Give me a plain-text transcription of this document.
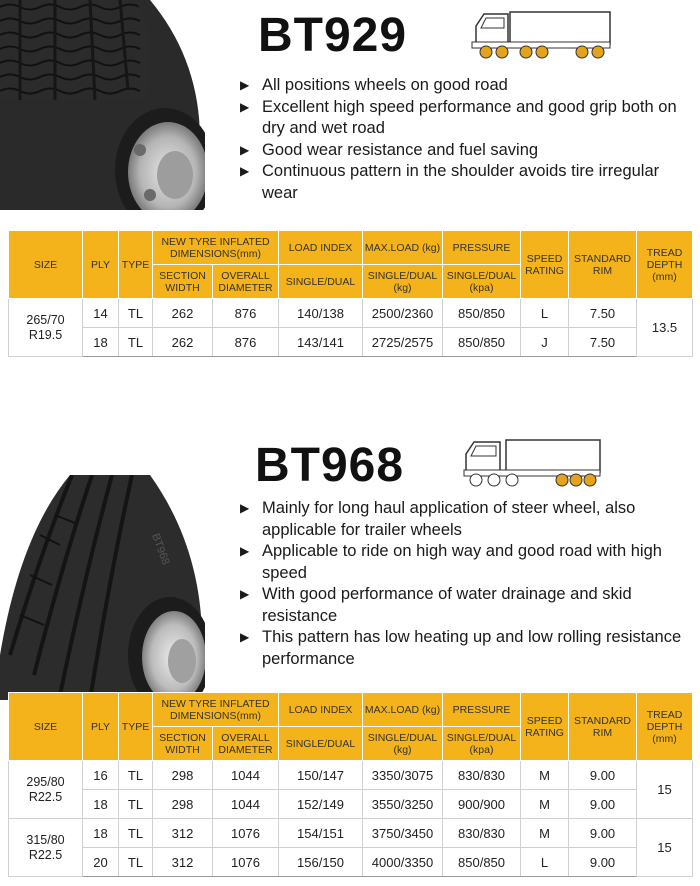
BT929
▶ All positions wheels on good road
▶ Excellent high speed performance and good grip both on dry and wet road
▶ Good wear resistance and fuel saving
▶ Continuous pattern in the shoulder avoids tire irregular wear
SIZE	PLY	TYPE	NEW TYRE INFLATED DIMENSIONS(mm)		LOAD INDEX	MAX.LOAD (kg)	PRESSURE	SPEED RATING	STANDARD RIM	TREAD DEPTH (mm)
			SECTION WIDTH	OVERALL DIAMETER	SINGLE/DUAL	SINGLE/DUAL (kg)	SINGLE/DUAL (kpa)			
265/70 R19.5	14	TL	262	876	140/138	2500/2360	850/850	L	7.50	13.5
	18	TL	262	876	143/141	2725/2575	850/850	J	7.50	
BT968
BT968
▶ Mainly for long haul application of steer wheel, also applicable for trailer wheels
▶ Applicable to ride on high way and good road with high speed
▶ With good performance of water drainage and skid resistance
▶ This pattern has low heating up and low rolling resistance performance
SIZE	PLY	TYPE	NEW TYRE INFLATED DIMENSIONS(mm)		LOAD INDEX	MAX.LOAD (kg)	PRESSURE	SPEED RATING	STANDARD RIM	TREAD DEPTH (mm)
			SECTION WIDTH	OVERALL DIAMETER	SINGLE/DUAL	SINGLE/DUAL (kg)	SINGLE/DUAL (kpa)			
295/80 R22.5	16	TL	298	1044	150/147	3350/3075	830/830	M	9.00	15
	18	TL	298	1044	152/149	3550/3250	900/900	M	9.00	
315/80 R22.5	18	TL	312	1076	154/151	3750/3450	830/830	M	9.00	15
	20	TL	312	1076	156/150	4000/3350	850/850	L	9.00	
